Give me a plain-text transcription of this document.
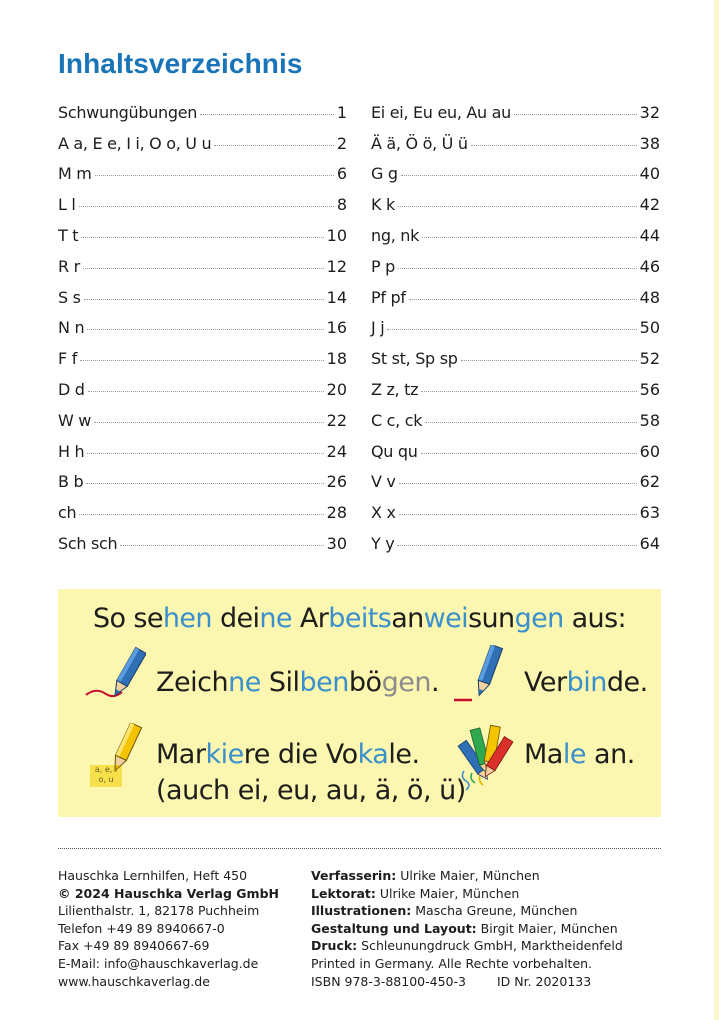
Inhaltsverzeichnis
Schwungübungen	1
A a, E e, I i, O o, U u	2
M m	6
L l	8
T t	10
R r	12
S s	14
N n	16
F f	18
D d	20
W w	22
H h	24
B b	26
ch	28
Sch sch	30
Ei ei, Eu eu, Au au	32
Ä ä, Ö ö, Ü ü	38
G g	40
K k	42
ng, nk	44
P p	46
Pf pf	48
J j	50
St st, Sp sp	52
Z z, tz	56
C c, ck	58
Qu qu	60
V v	62
X x	63
Y y	64
So sehen deine Arbeitsanweisungen aus:
Zeichne Silbenbögen.	Verbinde.
a, e, i
o, u
Markiere die Vokale.
(auch ei, eu, au, ä, ö, ü)
Male an.
Hauschka Lernhilfen, Heft 450
© 2024 Hauschka Verlag GmbH
Lilienthalstr. 1, 82178 Puchheim
Telefon +49 89 8940667-0
Fax +49 89 8940667-69
E-Mail: info@hauschkaverlag.de
www.hauschkaverlag.de
Verfasserin: Ulrike Maier, München
Lektorat: Ulrike Maier, München
Illustrationen: Mascha Greune, München
Gestaltung und Layout: Birgit Maier, München
Druck: Schleunungdruck GmbH, Marktheidenfeld
Printed in Germany. Alle Rechte vorbehalten.
ISBN 978-3-88100-450-3 ID Nr. 2020133
